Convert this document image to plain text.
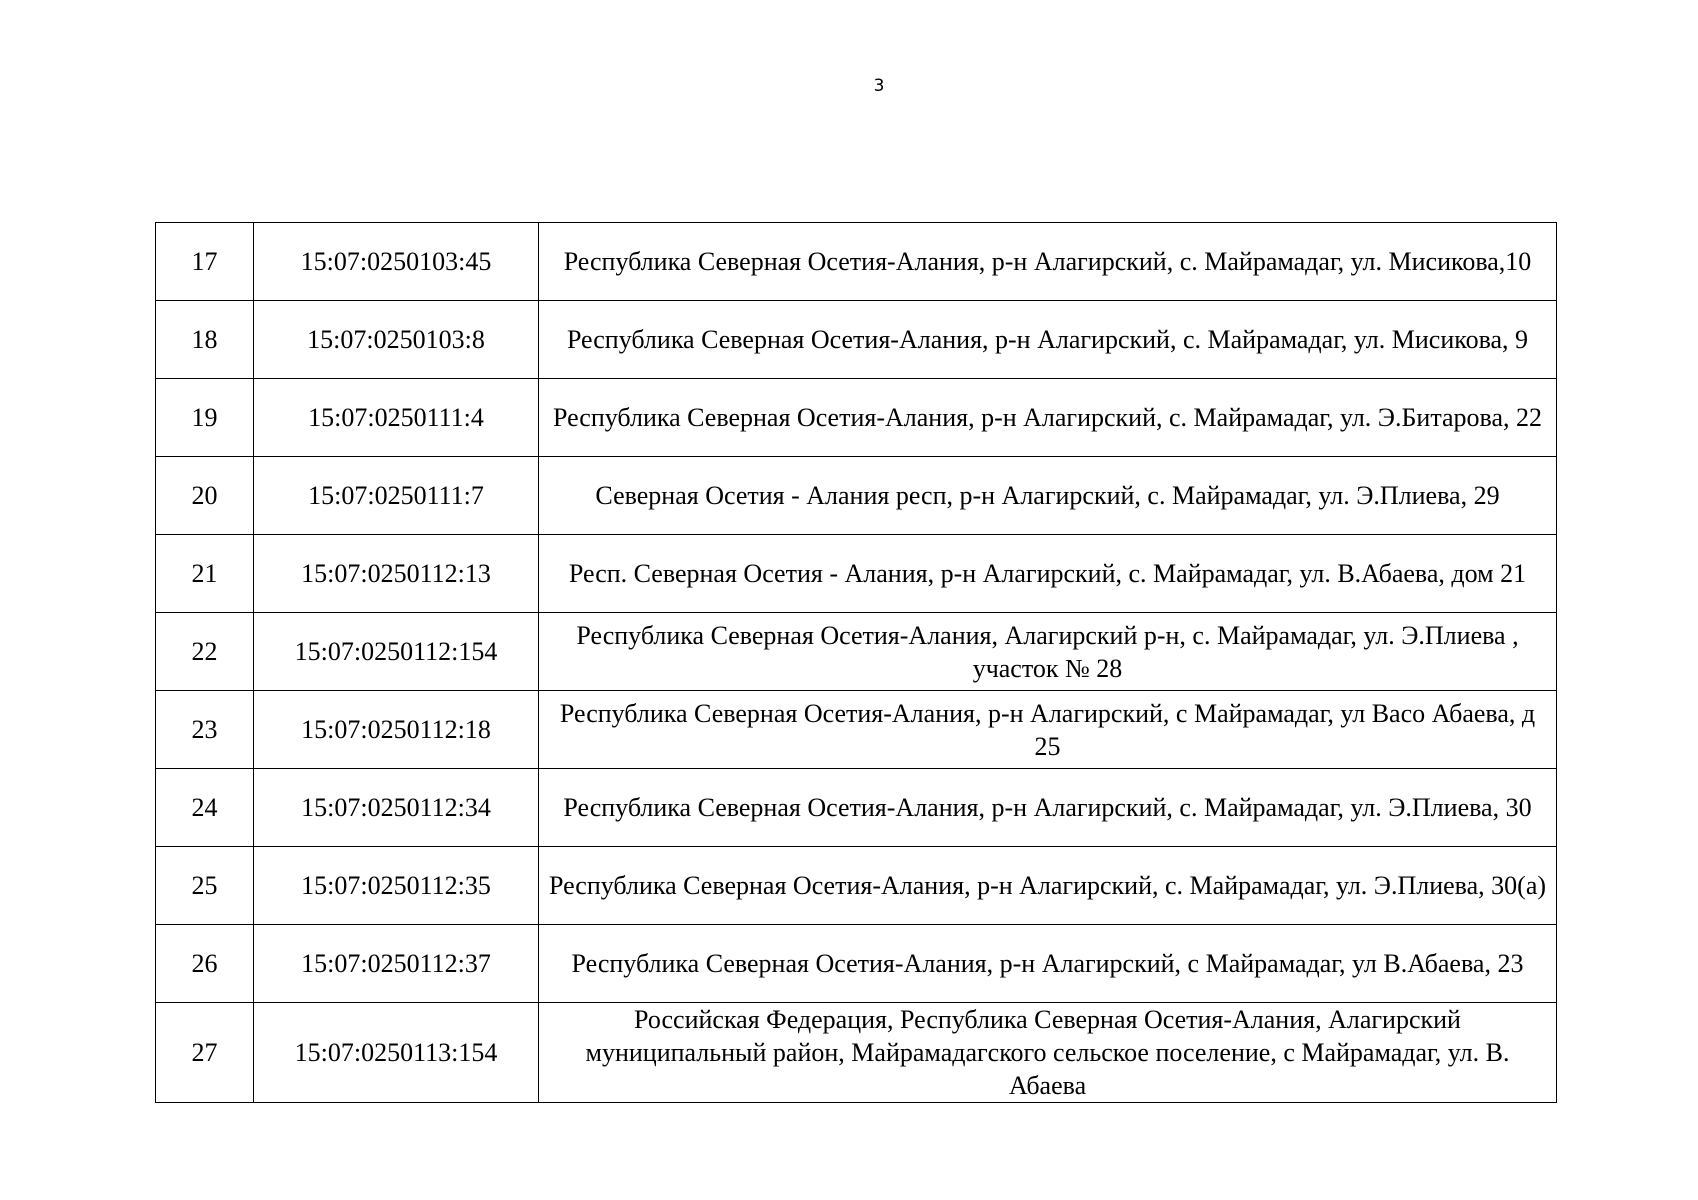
3
17	15:07:0250103:45	Республика Северная Осетия-Алания, р-н Алагирский, с. Майрамадаг, ул. Мисикова,10
18	15:07:0250103:8	Республика Северная Осетия-Алания, р-н Алагирский, с. Майрамадаг, ул. Мисикова, 9
19	15:07:0250111:4	Республика Северная Осетия-Алания, р-н Алагирский, с. Майрамадаг, ул. Э.Битарова, 22
20	15:07:0250111:7	Северная Осетия - Алания респ, р-н Алагирский, с. Майрамадаг, ул. Э.Плиева, 29
21	15:07:0250112:13	Респ. Северная Осетия - Алания, р-н Алагирский, с. Майрамадаг, ул. В.Абаева, дом 21
22	15:07:0250112:154	Республика Северная Осетия-Алания, Алагирский р-н, с. Майрамадаг, ул. Э.Плиева , участок № 28
23	15:07:0250112:18	Республика Северная Осетия-Алания, р-н Алагирский, с Майрамадаг, ул Васо Абаева, д 25
24	15:07:0250112:34	Республика Северная Осетия-Алания, р-н Алагирский, с. Майрамадаг, ул. Э.Плиева, 30
25	15:07:0250112:35	Республика Северная Осетия-Алания, р-н Алагирский, с. Майрамадаг, ул. Э.Плиева, 30(а)
26	15:07:0250112:37	Республика Северная Осетия-Алания, р-н Алагирский, с Майрамадаг, ул В.Абаева, 23
27	15:07:0250113:154	Российская Федерация, Республика Северная Осетия-Алания, Алагирский муниципальный район, Майрамадагского сельское поселение, с Майрамадаг, ул. В. Абаева
